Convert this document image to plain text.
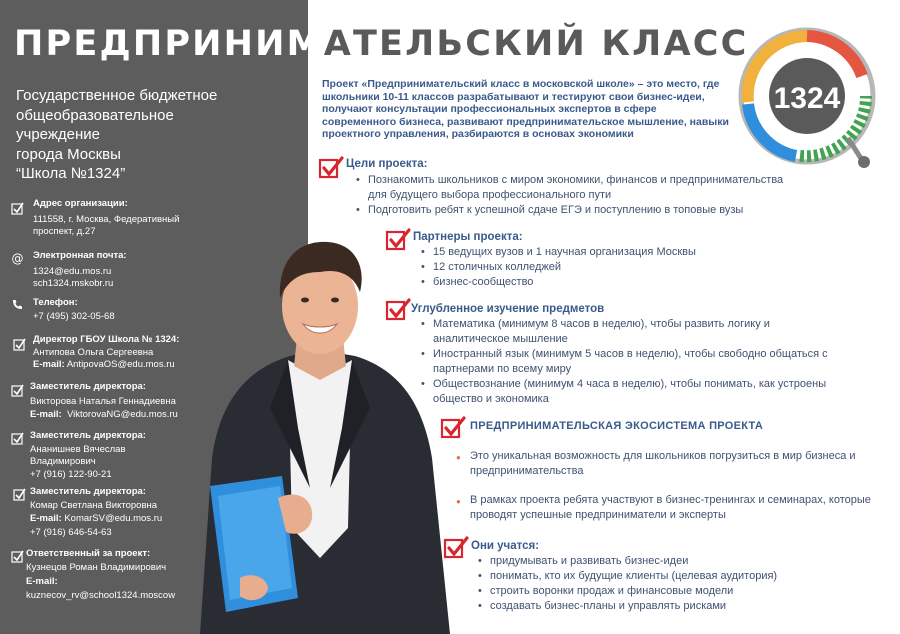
ПРЕДПРИНИМАТЕЛЬСКИЙ КЛАСС
Государственное бюджетное
общеобразовательное
учреждение
города Москвы
“Школа №1324”
Адрес организации:
111558, г. Москва, Федеративный
проспект, д.27
@ Электронная почта:
1324@edu.mos.ru
sch1324.mskobr.ru
Телефон:
+7 (495) 302-05-68
Директор ГБОУ Школа № 1324:
Антипова Ольга Сергеевна
E-mail: AntipovaOS@edu.mos.ru
Заместитель директора:
Викторова Наталья Геннадиевна
E-mail: ViktorovaNG@edu.mos.ru
Заместитель директора:
Ананишнев Вячеслав
Владимирович
+7 (916) 122-90-21
Заместитель директора:
Комар Светлана Викторовна
E-mail: KomarSV@edu.mos.ru
+7 (916) 646-54-63
Ответственный за проект:
Кузнецов Роман Владимирович
E-mail:
kuznecov_rv@school1324.moscow
1324
Проект «Предпринимательский класс в московской школе» – это место, где школьники 10-11 классов разрабатывают и тестируют свои бизнес-идеи, получают консультации профессиональных экспертов в сфере современного бизнеса, развивают предпринимательское мышление, навыки проектного управления, разбираются в основах экономики
Цели проекта:
• Познакомить школьников с миром экономики, финансов и предпринимательства для будущего выбора профессионального пути
• Подготовить ребят к успешной сдаче ЕГЭ и поступлению в топовые вузы
Партнеры проекта:
• 15 ведущих вузов и 1 научная организация Москвы
• 12 столичных колледжей
• бизнес-сообщество
Углубленное изучение предметов
• Математика (минимум 8 часов в неделю), чтобы развить логику и аналитическое мышление
• Иностранный язык (минимум 5 часов в неделю), чтобы свободно общаться с партнерами по всему миру
• Обществознание (минимум 4 часа в неделю), чтобы понимать, как устроены общество и экономика
ПРЕДПРИНИМАТЕЛЬСКАЯ ЭКОСИСТЕМА ПРОЕКТА
● Это уникальная возможность для школьников погрузиться в мир бизнеса и предпринимательства
● В рамках проекта ребята участвуют в бизнес-тренингах и семинарах, которые проводят успешные предприниматели и эксперты
Они учатся:
• придумывать и развивать бизнес-идеи
• понимать, кто их будущие клиенты (целевая аудитория)
• строить воронки продаж и финансовые модели
• создавать бизнес-планы и управлять рисками
